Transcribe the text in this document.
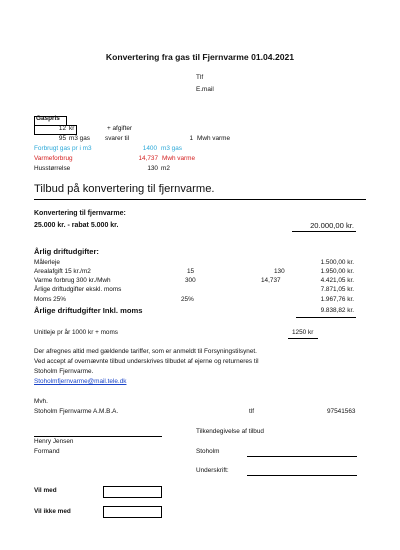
Konvertering fra gas til Fjernvarme 01.04.2021
Tlf
E.mail
Gaspris
12 kr	+ afgifter
95 m3 gas svarer til	1 Mwh varme
Forbrugt gas pr i m3	1400 m3 gas
Varmeforbrug	14,737 Mwh varme
Husstørrelse	130 m2
Tilbud på konvertering til fjernvarme.
Konvertering til fjernvarme:
25.000 kr. - rabat 5.000 kr.	20.000,00 kr.
Årlig driftudgifter:
Målerleje	1.500,00 kr.
Arealafgift 15 kr./m2	15	130	1.950,00 kr.
Varme forbrug 300 kr./Mwh	300	14,737	4.421,05 kr.
Årlige driftudgifter ekskl. moms	7.871,05 kr.
Moms 25%	25%	1.967,76 kr.
Årlige driftudgifter Inkl. moms	9.838,82 kr.
Unitleje pr år 1000 kr + moms	1250 kr
Der afregnes altid med gældende tariffer, som er anmeldt til Forsyningstilsynet.
Ved accept af overnævnte tilbud underskrives tilbudet af ejerne og returneres til
Stoholm Fjernvarme.
Stoholmfjernvarme@mail.tele.dk
Mvh.
Stoholm Fjernvarme A.M.B.A.	tlf	97541563
Tilkendegivelse af tilbud
Henry Jensen
Formand	Stoholm
Underskrift:
Vil med
Vil ikke med
